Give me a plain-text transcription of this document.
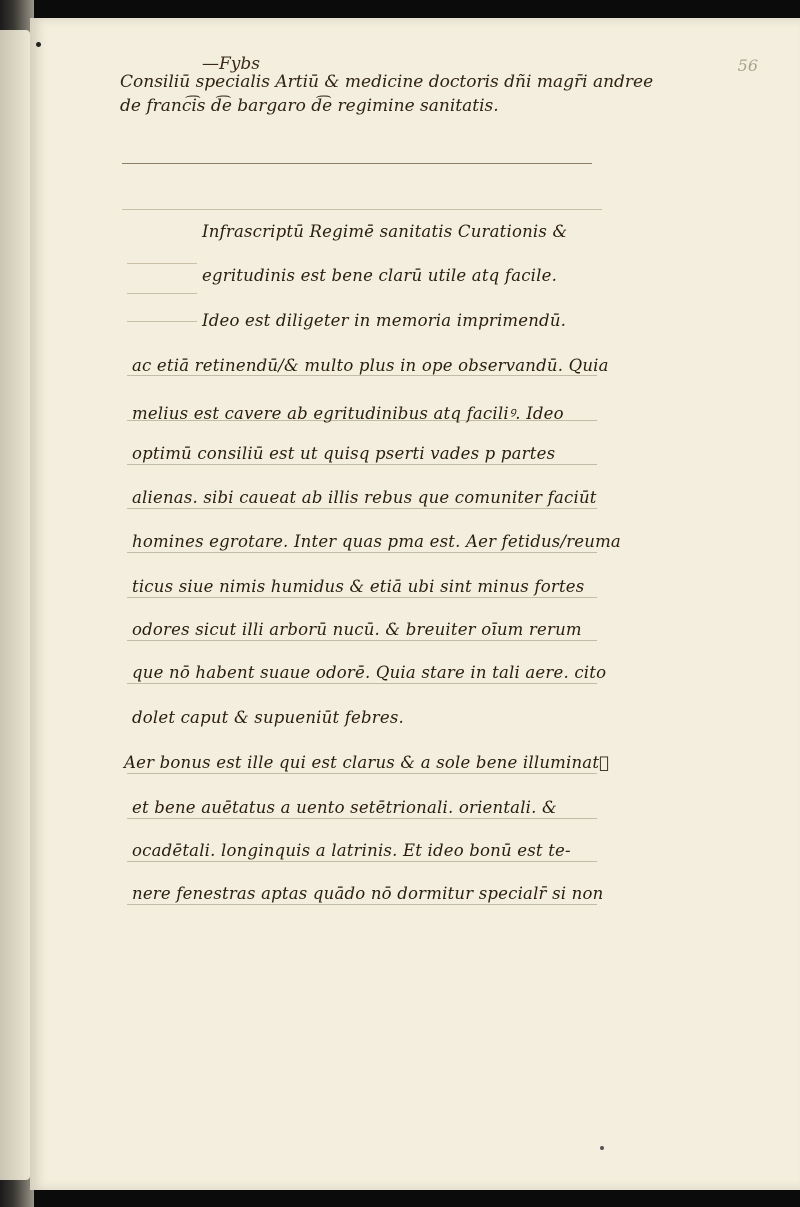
56
—Fybs
Consiliū specialis Artiū & medicine doctoris dñi magr̄i andree
de franc͡is d͡e bargaro d͡e regimine sanitatis.
Infrascriptū Regimē sanitatis Curationis &
egritudinis est bene clarū utile atq facile.
Ideo est diligeter in memoria imprimendū.
ac etiā retinendū/& multo plus in ope observandū. Quia
melius est cavere ab egritudinibus atq faciliꝰ. Ideo
optimū consiliū est ut quisq pserti vades p partes
alienas. sibi caueat ab illis rebus que comuniter faciūt
homines egrotare. Inter quas pma est. Aer fetidus/reuma
ticus siue nimis humidus & etiā ubi sint minus fortes
odores sicut illi arborū nucū. & breuiter oīum rerum
que nō habent suaue odorē. Quia stare in tali aere. cito
dolet caput & supueniūt febres.
Aer bonus est ille qui est clarus & a sole bene illuminat᷑
et bene auētatus a uento setētrionali. orientali. &
ocadētali. longinquis a latrinis. Et ideo bonū est te-
nere fenestras aptas quādo nō dormitur specialr̄ si non
